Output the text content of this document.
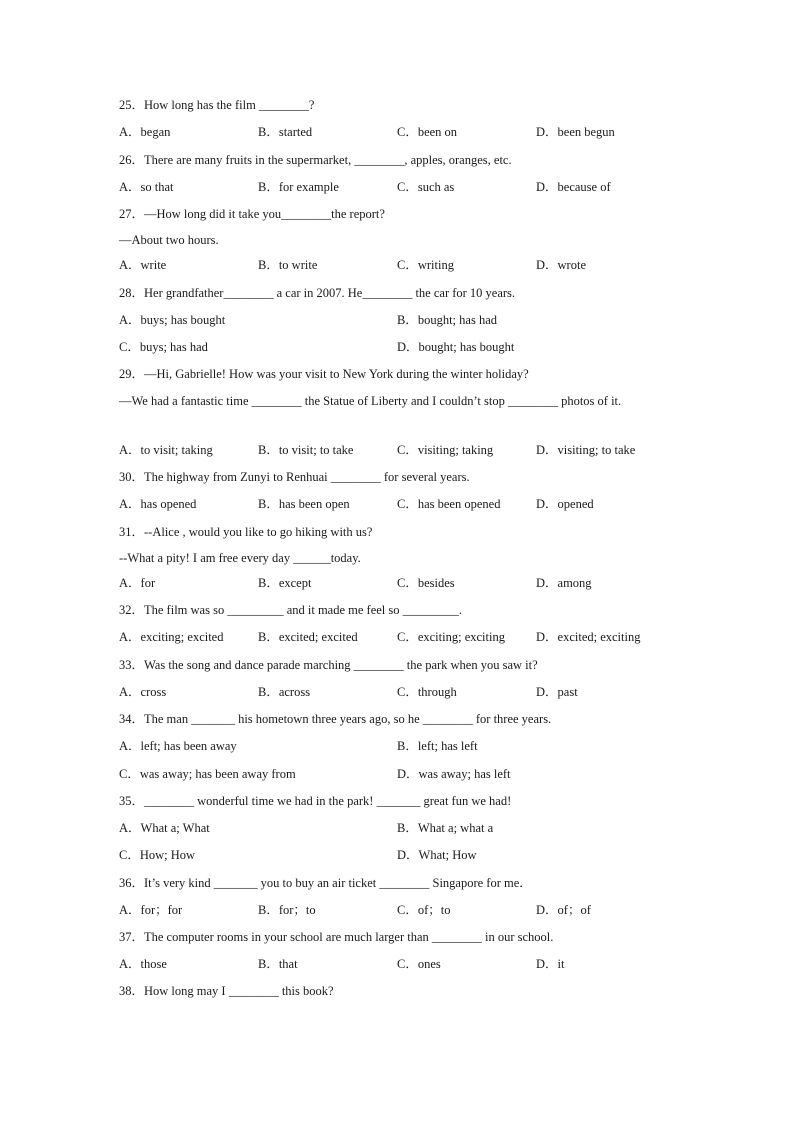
25．How long has the film ________?
A．began	B．started	C．been on	D．been begun
26．There are many fruits in the supermarket, ________, apples, oranges, etc.
A．so that	B．for example	C．such as	D．because of
27．—How long did it take you________the report?
—About two hours.
A．write	B．to write	C．writing	D．wrote
28．Her grandfather________ a car in 2007. He________ the car for 10 years.
A．buys; has bought	B．bought; has had
C．buys; has had	D．bought; has bought
29．—Hi, Gabrielle! How was your visit to New York during the winter holiday?
—We had a fantastic time ________ the Statue of Liberty and I couldn’t stop ________ photos of it.
A．to visit; taking	B．to visit; to take	C．visiting; taking	D．visiting; to take
30．The highway from Zunyi to Renhuai ________ for several years.
A．has opened	B．has been open	C．has been opened	D．opened
31．--Alice , would you like to go hiking with us?
--What a pity! I am free every day ______today.
A．for	B．except	C．besides	D．among
32．The film was so _________ and it made me feel so _________.
A．exciting; excited	B．excited; excited	C．exciting; exciting D．excited; exciting
33．Was the song and dance parade marching ________ the park when you saw it?
A．cross	B．across	C．through	D．past
34．The man _______ his hometown three years ago, so he ________ for three years.
A．left; has been away	B．left; has left
C．was away; has been away from	D．was away; has left
35．________ wonderful time we had in the park! _______ great fun we had!
A．What a; What	B．What a; what a
C．How; How	D．What; How
36．It’s very kind _______ you to buy an air ticket ________ Singapore for me．
A．for；for	B．for；to	C．of；to	D．of；of
37．The computer rooms in your school are much larger than ________ in our school.
A．those	B．that	C．ones	D．it
38．How long may I ________ this book?
